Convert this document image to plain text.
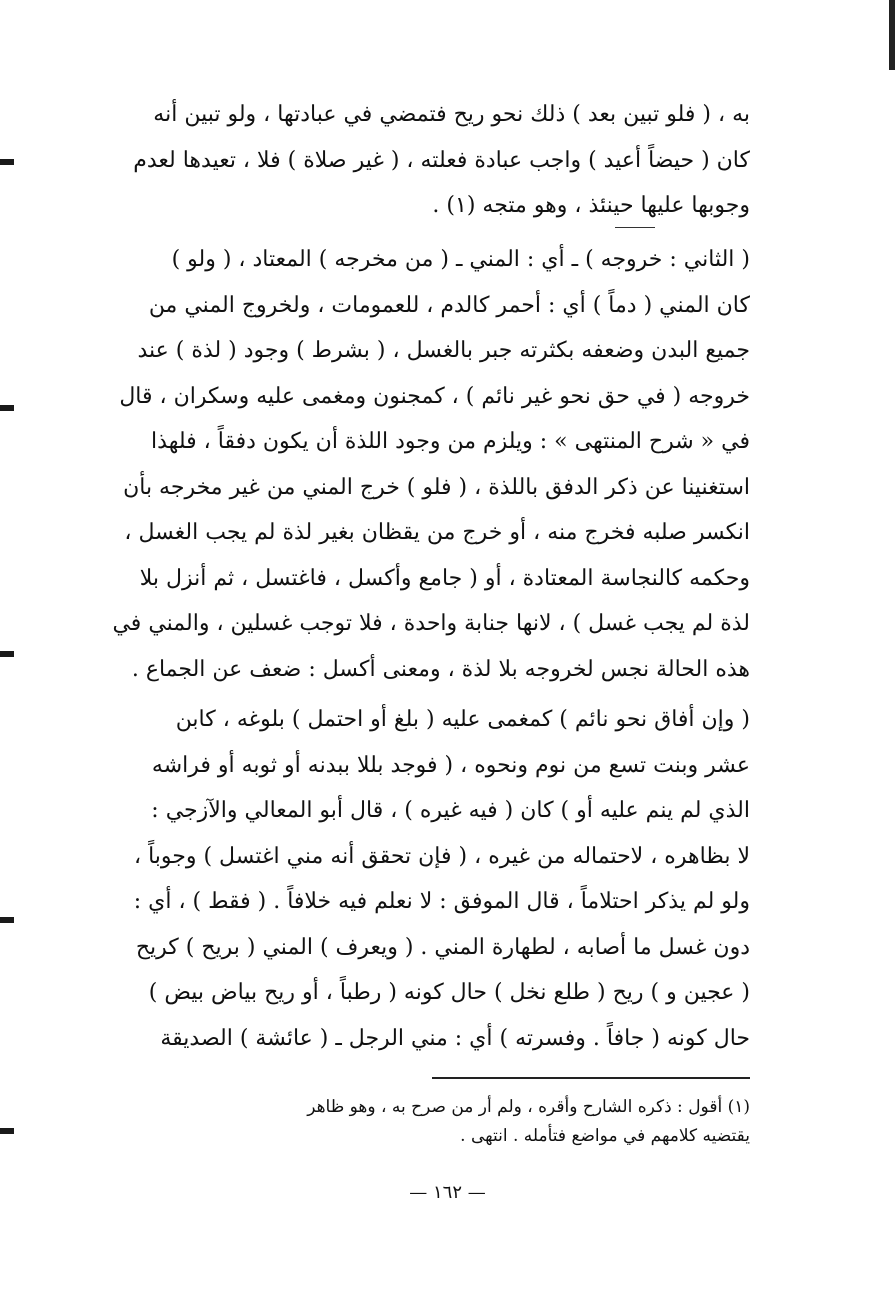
به ، ( فلو تبين بعد ) ذلك نحو ريح فتمضي في عبادتها ، ولو تبين أنه

كان ( حيضاً أعيد ) واجب عبادة فعلته ، ( غير صلاة ) فلا ، تعيدها لعدم

وجوبها عليها حينئذ ، وهو متجه (١) .

( الثاني : خروجه ) ـ أي : المني ـ ( من مخرجه ) المعتاد ، ( ولو )

كان المني ( دماً ) أي : أحمر كالدم ، للعمومات ، ولخروج المني من

جميع البدن وضعفه بكثرته جبر بالغسل ، ( بشرط ) وجود ( لذة ) عند

خروجه ( في حق نحو غير نائم ) ، كمجنون ومغمى عليه وسكران ، قال

في « شرح المنتهى » : ويلزم من وجود اللذة أن يكون دفقاً ، فلهذا

استغنينا عن ذكر الدفق باللذة ، ( فلو ) خرج المني من غير مخرجه بأن

انكسر صلبه فخرج منه ، أو خرج من يقظان بغير لذة لم يجب الغسل ،

وحكمه كالنجاسة المعتادة ، أو ( جامع وأكسل ، فاغتسل ، ثم أنزل بلا

لذة لم يجب غسل ) ، لانها جنابة واحدة ، فلا توجب غسلين ، والمني في

هذه الحالة نجس لخروجه بلا لذة ، ومعنى أكسل : ضعف عن الجماع .

( وإن أفاق نحو نائم ) كمغمى عليه ( بلغ أو احتمل ) بلوغه ، كابن

عشر وبنت تسع من نوم ونحوه ، ( فوجد بللا ببدنه أو ثوبه أو فراشه

الذي لم ينم عليه أو ) كان ( فيه غيره ) ، قال أبو المعالي والآزجي :

لا بظاهره ، لاحتماله من غيره ، ( فإن تحقق أنه مني اغتسل ) وجوباً ،

ولو لم يذكر احتلاماً ، قال الموفق : لا نعلم فيه خلافاً . ( فقط ) ، أي :

دون غسل ما أصابه ، لطهارة المني . ( ويعرف ) المني ( بريح ) كريح

( عجين و ) ريح ( طلع نخل ) حال كونه ( رطباً ، أو ريح بياض بيض )

حال كونه ( جافاً . وفسرته ) أي : مني الرجل ـ ( عائشة ) الصديقة

(١) أقول : ذكره الشارح وأقره ، ولم أر من صرح به ، وهو ظاهر

يقتضيه كلامهم في مواضع فتأمله . انتهى .

— ١٦٢ —
